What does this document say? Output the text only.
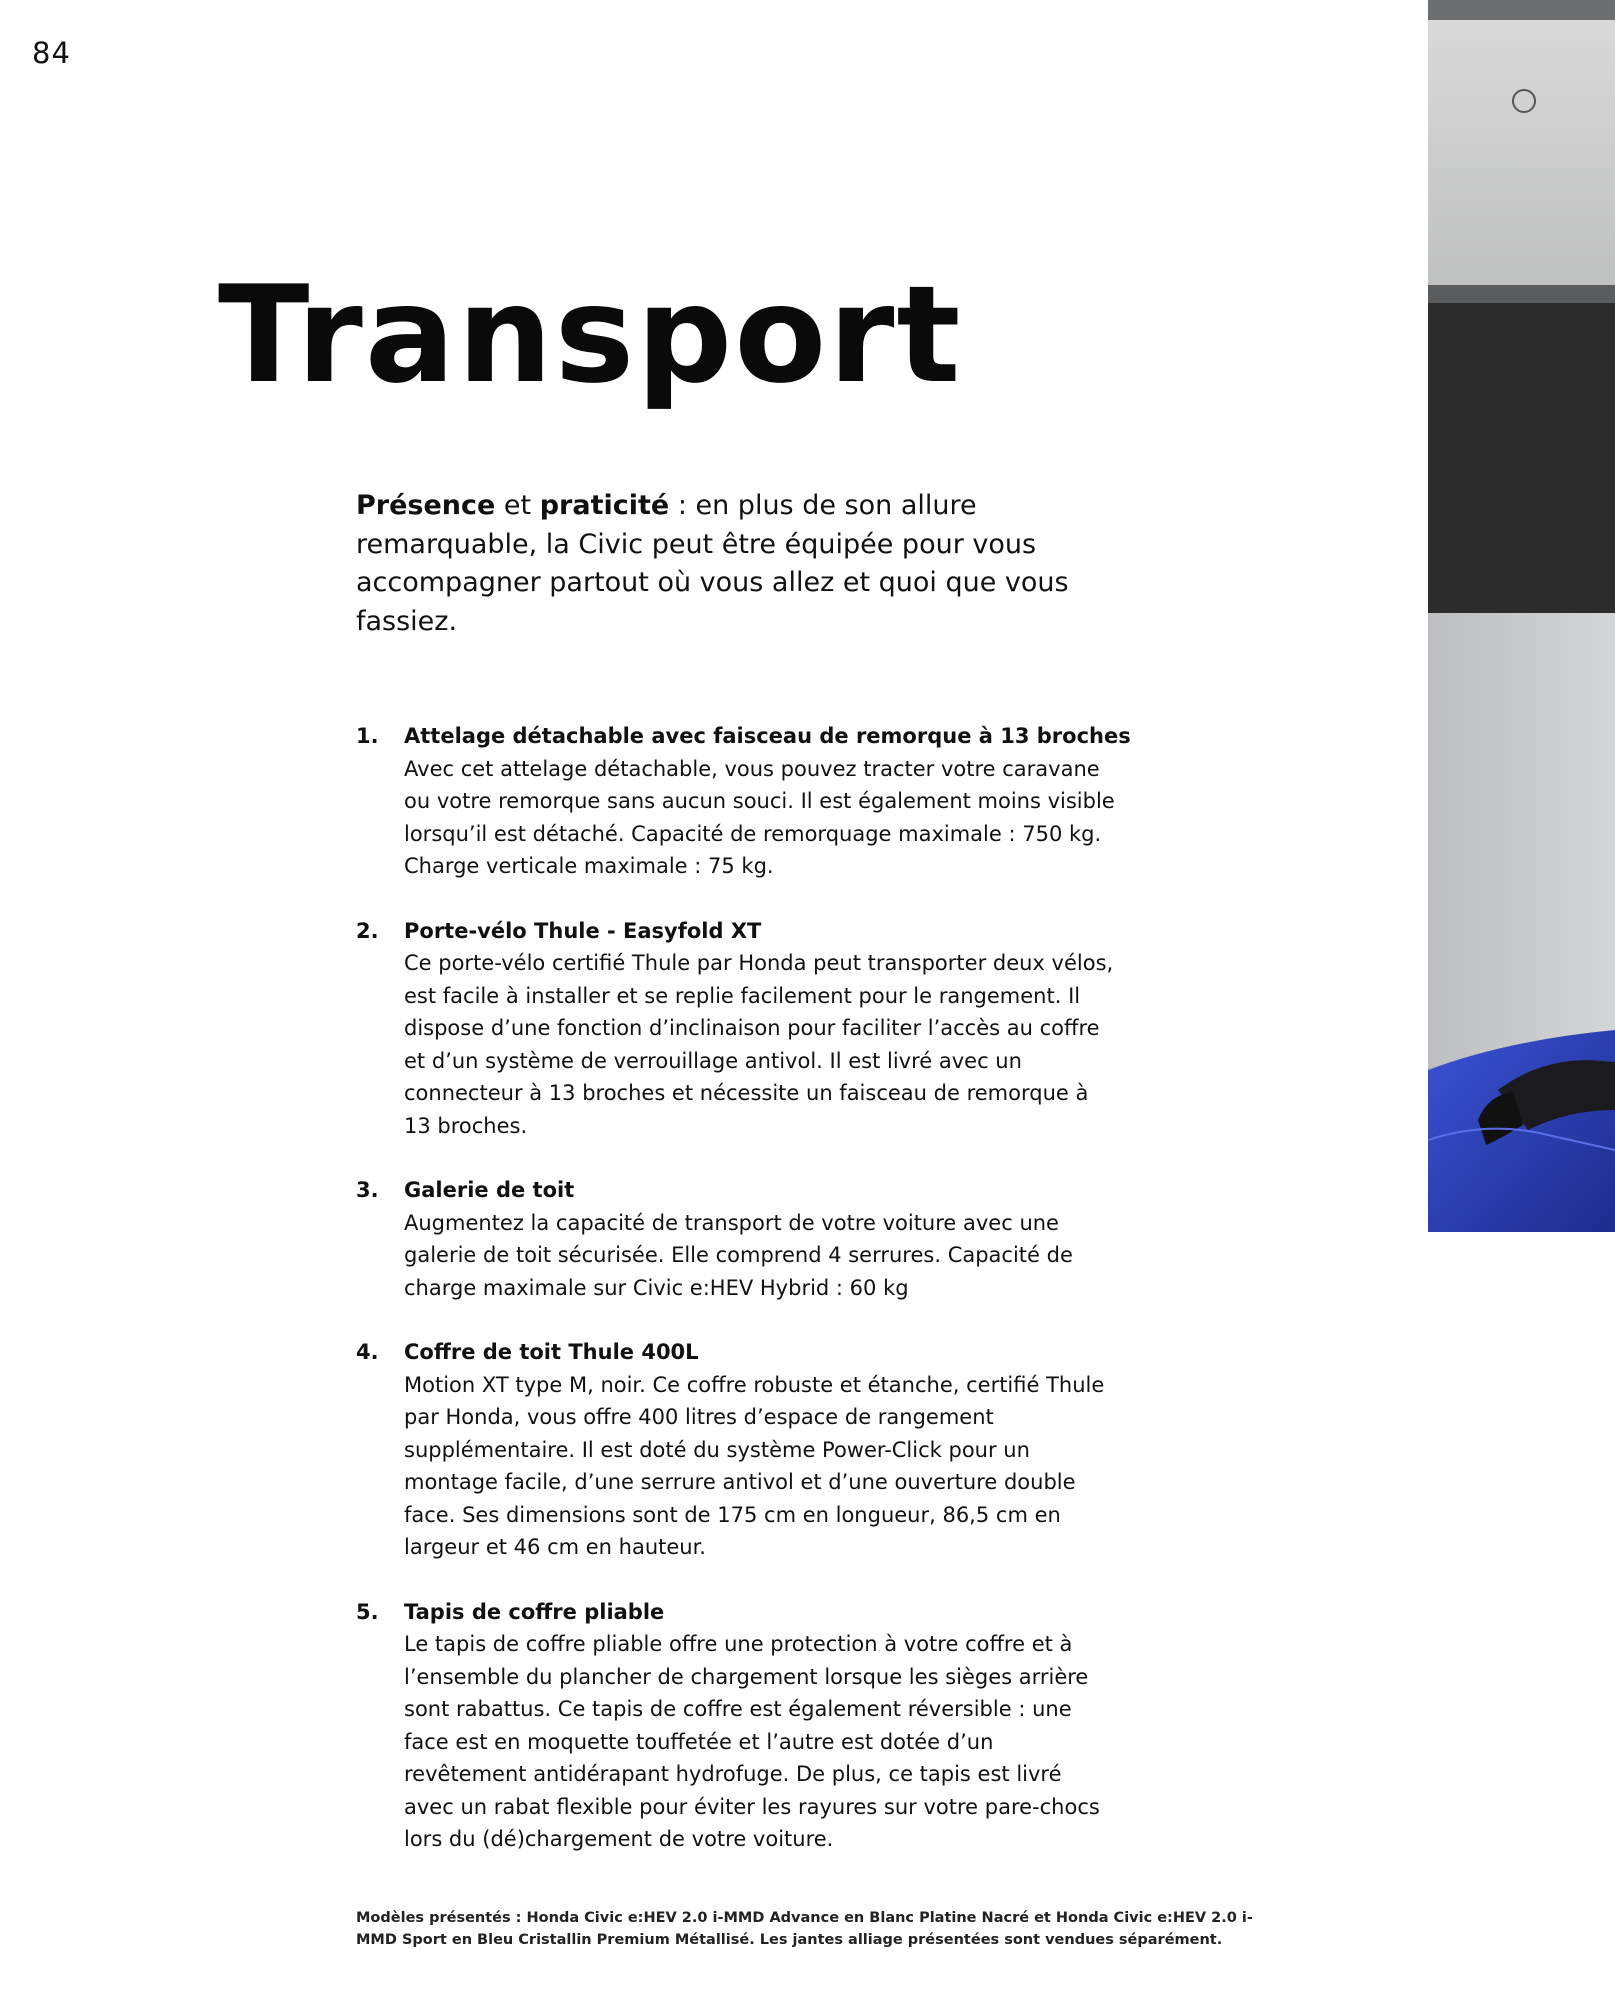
84
Transport

Présence et praticité : en plus de son allure remarquable, la Civic peut être équipée pour vous accompagner partout où vous allez et quoi que vous fassiez.

1. Attelage détachable avec faisceau de remorque à 13 broches
Avec cet attelage détachable, vous pouvez tracter votre caravane ou votre remorque sans aucun souci. Il est également moins visible lorsqu’il est détaché. Capacité de remorquage maximale : 750 kg. Charge verticale maximale : 75 kg.
2. Porte-vélo Thule - Easyfold XT
Ce porte-vélo certifié Thule par Honda peut transporter deux vélos, est facile à installer et se replie facilement pour le rangement. Il dispose d’une fonction d’inclinaison pour faciliter l’accès au coffre et d’un système de verrouillage antivol. Il est livré avec un connecteur à 13 broches et nécessite un faisceau de remorque à 13 broches.
3. Galerie de toit
Augmentez la capacité de transport de votre voiture avec une galerie de toit sécurisée. Elle comprend 4 serrures. Capacité de charge maximale sur Civic e:HEV Hybrid : 60 kg
4. Coffre de toit Thule 400L
Motion XT type M, noir. Ce coffre robuste et étanche, certifié Thule par Honda, vous offre 400 litres d’espace de rangement supplémentaire. Il est doté du système Power-Click pour un montage facile, d’une serrure antivol et d’une ouverture double face. Ses dimensions sont de 175 cm en longueur, 86,5 cm en largeur et 46 cm en hauteur.
5. Tapis de coffre pliable
Le tapis de coffre pliable offre une protection à votre coffre et à l’ensemble du plancher de chargement lorsque les sièges arrière sont rabattus. Ce tapis de coffre est également réversible : une face est en moquette touffetée et l’autre est dotée d’un revêtement antidérapant hydrofuge. De plus, ce tapis est livré avec un rabat flexible pour éviter les rayures sur votre pare-chocs lors du (dé)chargement de votre voiture.

Modèles présentés : Honda Civic e:HEV 2.0 i-MMD Advance en Blanc Platine Nacré et Honda Civic e:HEV 2.0 i-MMD Sport en Bleu Cristallin Premium Métallisé. Les jantes alliage présentées sont vendues séparément.
